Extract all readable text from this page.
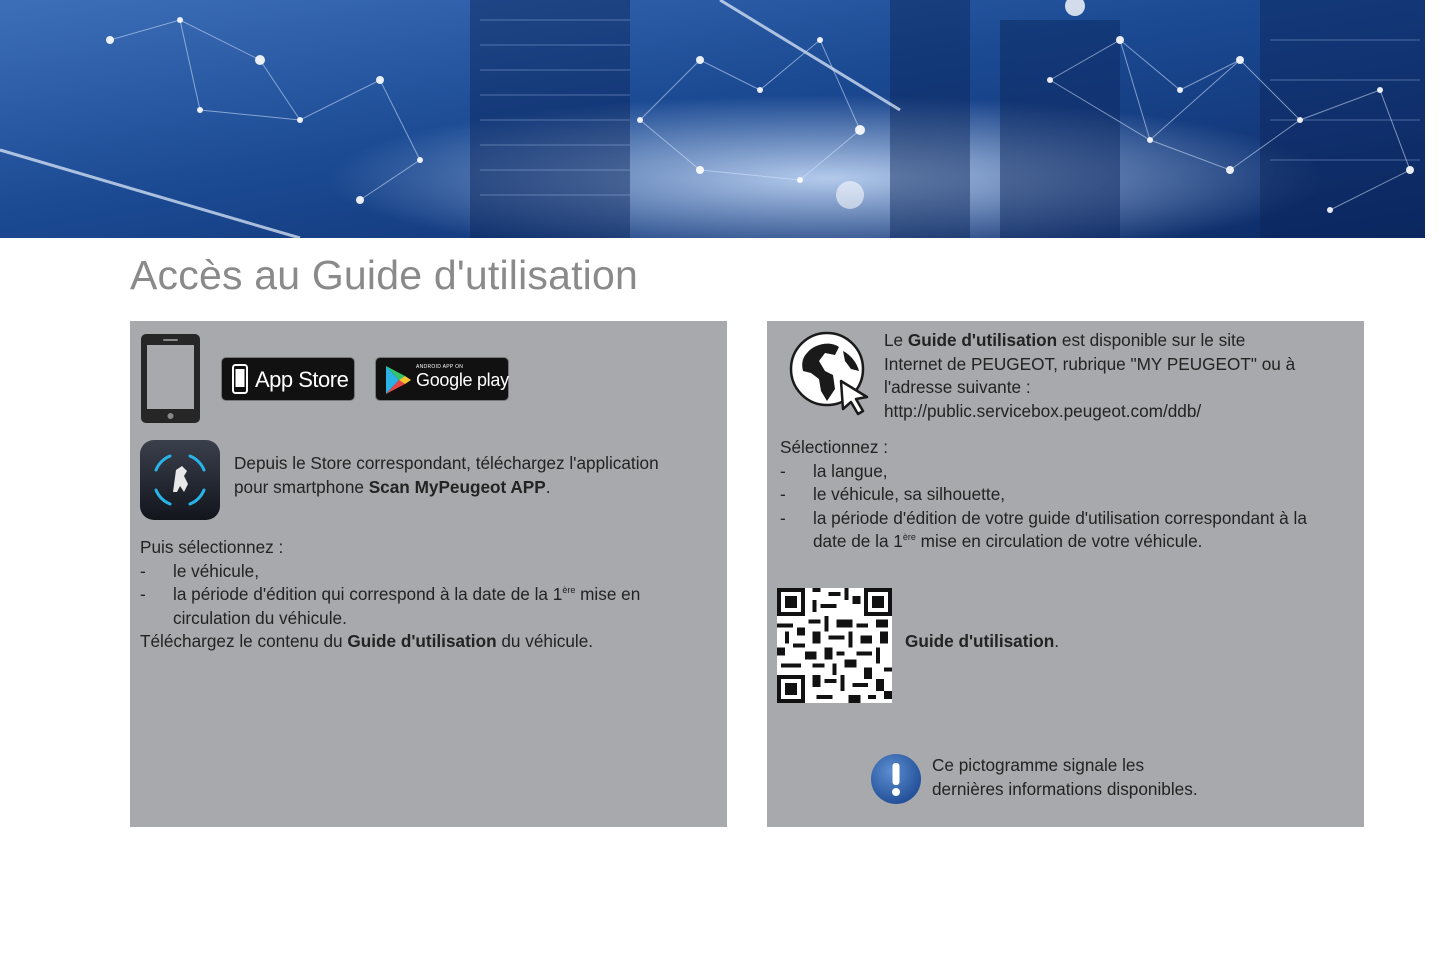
Accès au Guide d'utilisation
App Store	ANDROID APP ON
Google play
Depuis le Store correspondant, téléchargez l'application
pour smartphone Scan MyPeugeot APP.
Puis sélectionnez :
- le véhicule,
- la période d'édition qui correspond à la date de la 1ère mise en
circulation du véhicule.
Téléchargez le contenu du Guide d'utilisation du véhicule.
Le Guide d'utilisation est disponible sur le site
Internet de PEUGEOT, rubrique "MY PEUGEOT" ou à
l'adresse suivante :
http://public.servicebox.peugeot.com/ddb/
Sélectionnez :
- la langue,
- le véhicule, sa silhouette,
- la période d'édition de votre guide d'utilisation correspondant à la
date de la 1ère mise en circulation de votre véhicule.
Guide d'utilisation.
Ce pictogramme signale les
dernières informations disponibles.
